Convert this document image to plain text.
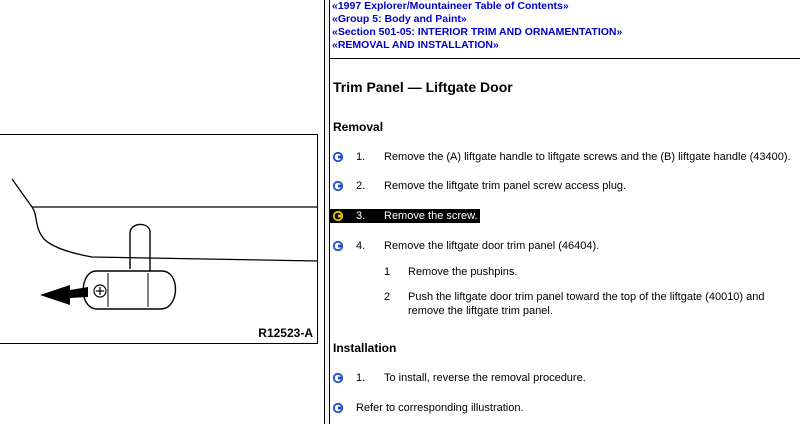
R12523-A
«1997 Explorer/Mountaineer Table of Contents»
«Group 5: Body and Paint»
«Section 501-05: INTERIOR TRIM AND ORNAMENTATION»
«REMOVAL AND INSTALLATION»
Trim Panel — Liftgate Door
Removal
1. Remove the (A) liftgate handle to liftgate screws and the (B) liftgate handle (43400).
2. Remove the liftgate trim panel screw access plug.
3. Remove the screw.
4. Remove the liftgate door trim panel (46404).
1 Remove the pushpins.
2 Push the liftgate door trim panel toward the top of the liftgate (40010) and remove the liftgate trim panel.
Installation
1. To install, reverse the removal procedure.
Refer to corresponding illustration.
